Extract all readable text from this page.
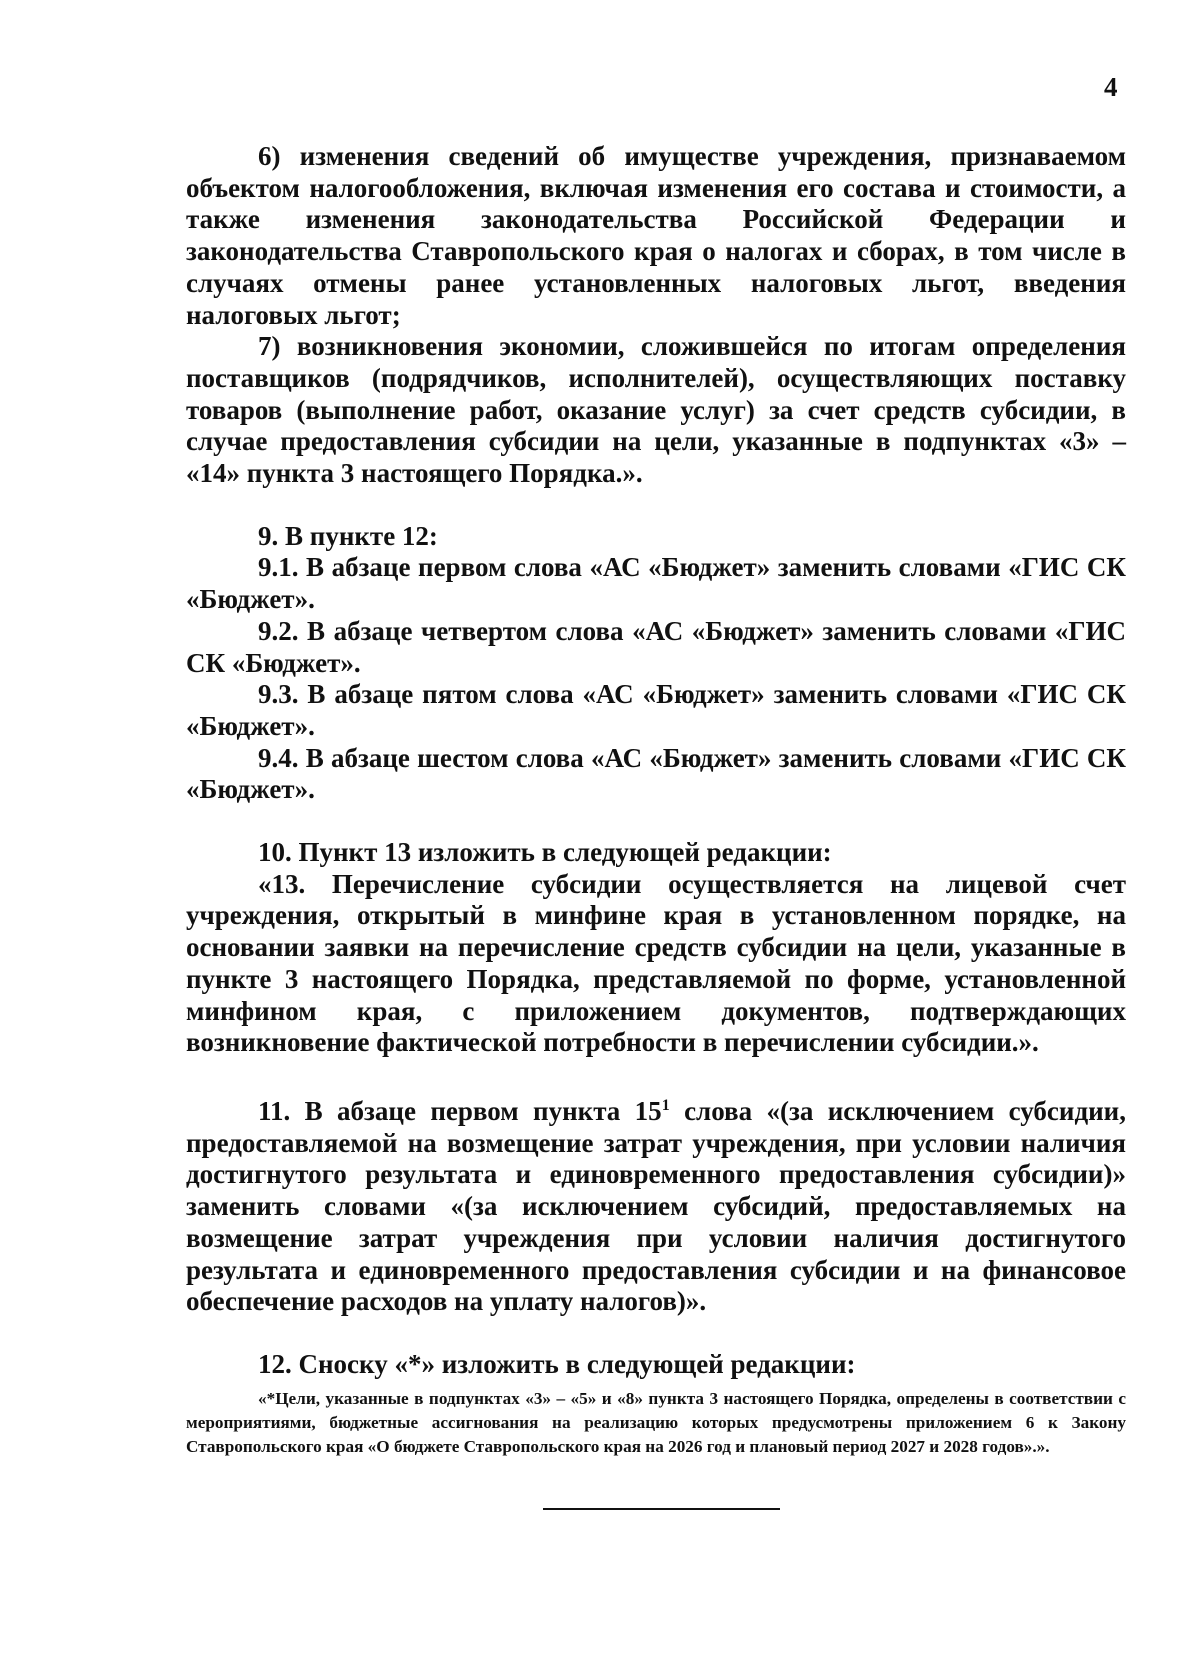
4

6) изменения сведений об имуществе учреждения, признаваемом объектом налогообложения, включая изменения его состава и стоимости, а также изменения законодательства Российской Федерации и законодательства Ставропольского края о налогах и сборах, в том числе в случаях отмены ранее установленных налоговых льгот, введения налоговых льгот;

7) возникновения экономии, сложившейся по итогам определения поставщиков (подрядчиков, исполнителей), осуществляющих поставку товаров (выполнение работ, оказание услуг) за счет средств субсидии, в случае предоставления субсидии на цели, указанные в подпунктах «3» – «14» пункта 3 настоящего Порядка.».

9. В пункте 12:

9.1. В абзаце первом слова «АС «Бюджет» заменить словами «ГИС СК «Бюджет».

9.2. В абзаце четвертом слова «АС «Бюджет» заменить словами «ГИС СК «Бюджет».

9.3. В абзаце пятом слова «АС «Бюджет» заменить словами «ГИС СК «Бюджет».

9.4. В абзаце шестом слова «АС «Бюджет» заменить словами «ГИС СК «Бюджет».

10. Пункт 13 изложить в следующей редакции:

«13. Перечисление субсидии осуществляется на лицевой счет учреждения, открытый в минфине края в установленном порядке, на основании заявки на перечисление средств субсидии на цели, указанные в пункте 3 настоящего Порядка, представляемой по форме, установленной минфином края, с приложением документов, подтверждающих возникновение фактической потребности в перечислении субсидии.».

11. В абзаце первом пункта $15^1$ слова «(за исключением субсидии, предоставляемой на возмещение затрат учреждения, при условии наличия достигнутого результата и единовременного предоставления субсидии)» заменить словами «(за исключением субсидий, предоставляемых на возмещение затрат учреждения при условии наличия достигнутого результата и единовременного предоставления субсидии и на финансовое обеспечение расходов на уплату налогов)».

12. Сноску «*» изложить в следующей редакции:

«*Цели, указанные в подпунктах «3» – «5» и «8» пункта 3 настоящего Порядка, определены в соответствии с мероприятиями, бюджетные ассигнования на реализацию которых предусмотрены приложением 6 к Закону Ставропольского края «О бюджете Ставропольского края на 2026 год и плановый период 2027 и 2028 годов».».
